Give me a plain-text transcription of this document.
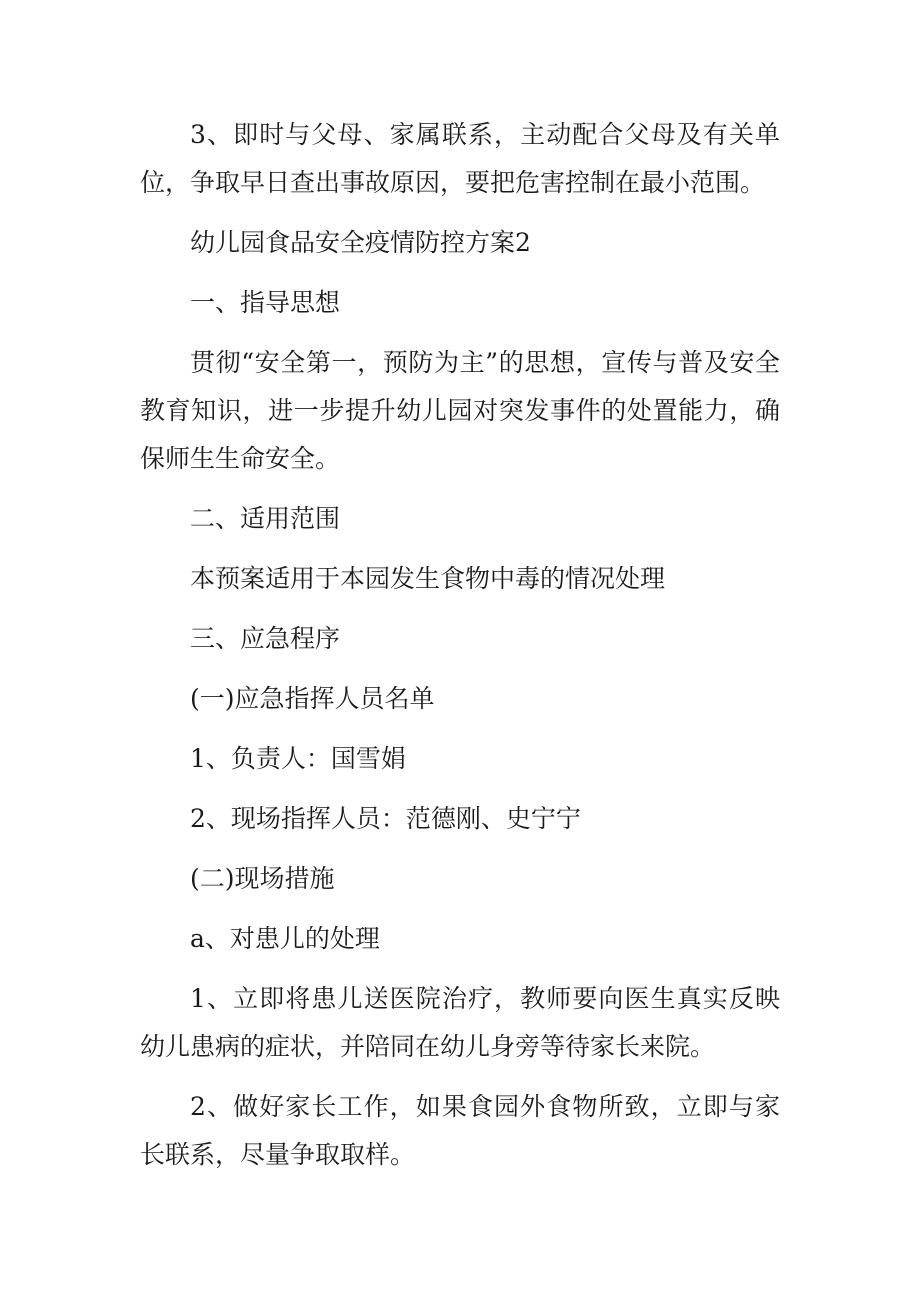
3、即时与父母、家属联系，主动配合父母及有关单位，争取早日查出事故原因，要把危害控制在最小范围。

幼儿园食品安全疫情防控方案2

一、指导思想

贯彻“安全第一，预防为主”的思想，宣传与普及安全教育知识，进一步提升幼儿园对突发事件的处置能力，确保师生生命安全。

二、适用范围

本预案适用于本园发生食物中毒的情况处理

三、应急程序

(一)应急指挥人员名单

1、负责人：国雪娟

2、现场指挥人员：范德刚、史宁宁

(二)现场措施

a、对患儿的处理

1、立即将患儿送医院治疗，教师要向医生真实反映幼儿患病的症状，并陪同在幼儿身旁等待家长来院。

2、做好家长工作，如果食园外食物所致，立即与家长联系，尽量争取取样。
